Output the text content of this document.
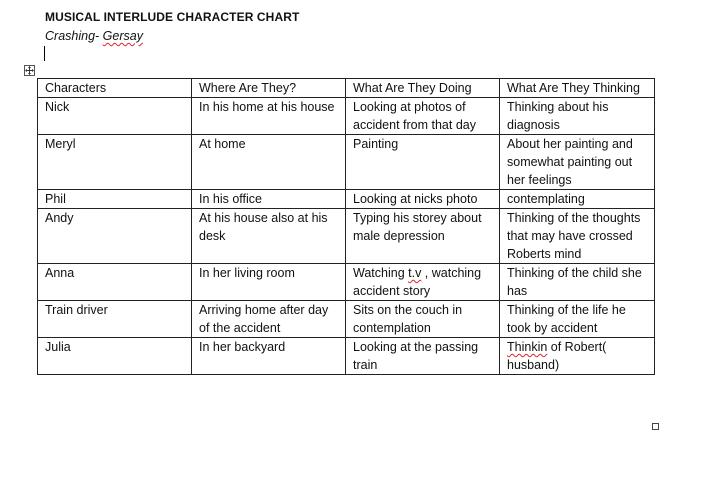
MUSICAL INTERLUDE CHARACTER CHART
Crashing- Gersay
Characters	Where Are They?	What Are They Doing	What Are They Thinking
Nick	In his home at his house	Looking at photos of accident from that day	Thinking about his diagnosis
Meryl	At home	Painting	About her painting and somewhat painting out her feelings
Phil	In his office	Looking at nicks photo	contemplating
Andy	At his house also at his desk	Typing his storey about male depression	Thinking of the thoughts that may have crossed Roberts mind
Anna	In her living room	Watching t.v , watching accident story	Thinking of the child she has
Train driver	Arriving home after day of the accident	Sits on the couch in contemplation	Thinking of the life he took by accident
Julia	In her backyard	Looking at the passing train	Thinkin of Robert( husband)
